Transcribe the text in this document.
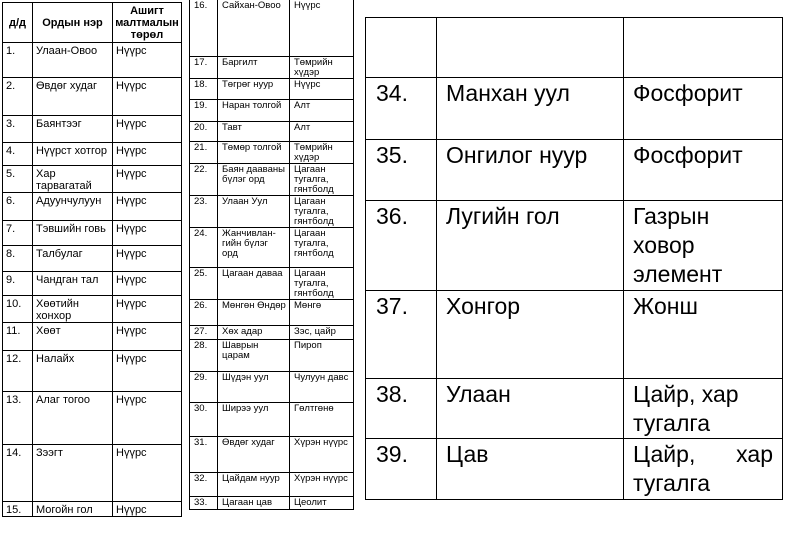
д/д	Ордын нэр	Ашигт малтмалын төрөл
1.	Улаан-Овоо	Нүүрс
2.	Өвдөг худаг	Нүүрс
3.	Баянтээг	Нүүрс
4.	Нүүрст хотгор	Нүүрс
5.	Хар тарвагатай	Нүүрс
6.	Адуунчулуун	Нүүрс
7.	Тэвшийн говь	Нүүрс
8.	Талбулаг	Нүүрс
9.	Чандган тал	Нүүрс
10.	Хөөтийн хонхор	Нүүрс
11.	Хөөт	Нүүрс
12.	Налайх	Нүүрс
13.	Алаг тогоо	Нүүрс
14.	Зээгт	Нүүрс
15.	Могойн гол	Нүүрс
16.	Сайхан-Овоо	Нүүрс
17.	Баргилт	Төмрийн хүдэр
18.	Төгрөг нуур	Нүүрс
19.	Наран толгой	Алт
20.	Тавт	Алт
21.	Төмөр толгой	Төмрийн хүдэр
22.	Баян дааваны бүлэг орд	Цагаан тугалга, гянтболд
23.	Улаан Уул	Цагаан тугалга, гянтболд
24.	Жанчивлан-гийн бүлэг орд	Цагаан тугалга, гянтболд
25.	Цагаан даваа	Цагаан тугалга, гянтболд
26.	Мөнгөн Өндөр	Мөнгө
27.	Хөх адар	Зэс, цайр
28.	Шаврын царам	Пироп
29.	Шүдэн уул	Чулуун давс
30.	Ширээ уул	Гөлтгөнө
31.	Өвдөг худаг	Хүрэн нүүрс
32.	Цайдам нуур	Хүрэн нүүрс
33.	Цагаан цав	Цеолит

34.	Манхан уул	Фосфорит
35.	Онгилог нуур	Фосфорит
36.	Лугийн гол	Газрын ховор элемент
37.	Хонгор	Жонш
38.	Улаан	Цайр, хар тугалга
39.	Цав	Цайр, хар тугалга
